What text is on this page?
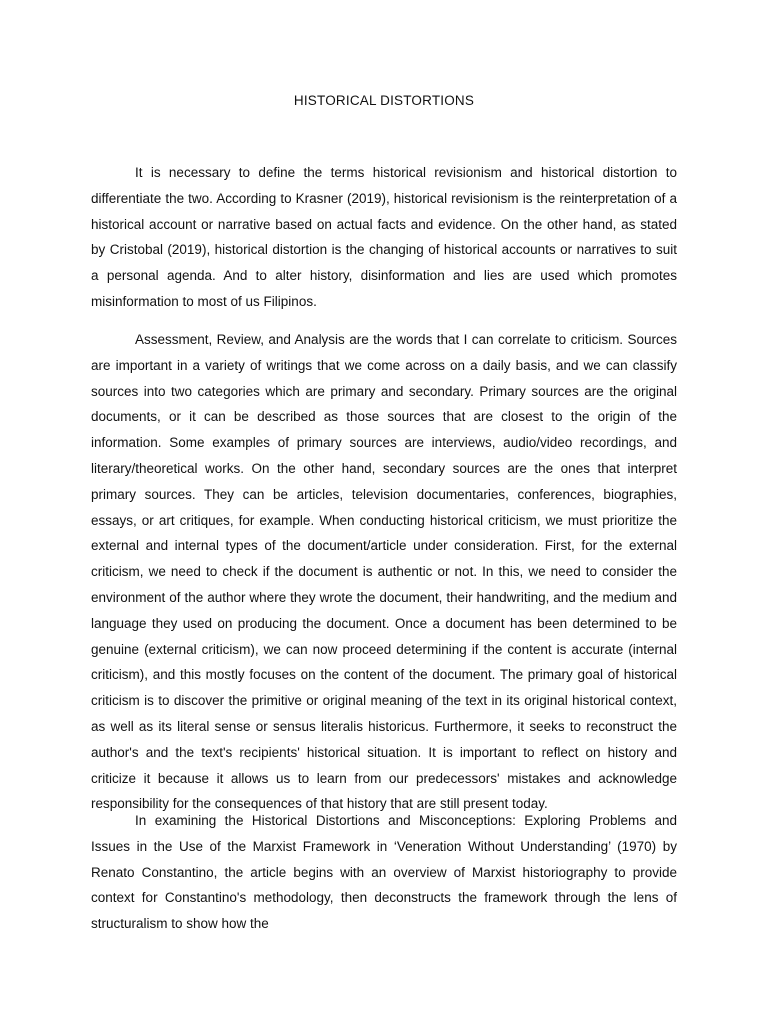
HISTORICAL DISTORTIONS

It is necessary to define the terms historical revisionism and historical distortion to differentiate the two. According to Krasner (2019), historical revisionism is the reinterpretation of a historical account or narrative based on actual facts and evidence. On the other hand, as stated by Cristobal (2019), historical distortion is the changing of historical accounts or narratives to suit a personal agenda. And to alter history, disinformation and lies are used which promotes misinformation to most of us Filipinos.

Assessment, Review, and Analysis are the words that I can correlate to criticism. Sources are important in a variety of writings that we come across on a daily basis, and we can classify sources into two categories which are primary and secondary. Primary sources are the original documents, or it can be described as those sources that are closest to the origin of the information. Some examples of primary sources are interviews, audio/video recordings, and literary/theoretical works. On the other hand, secondary sources are the ones that interpret primary sources. They can be articles, television documentaries, conferences, biographies, essays, or art critiques, for example. When conducting historical criticism, we must prioritize the external and internal types of the document/article under consideration. First, for the external criticism, we need to check if the document is authentic or not. In this, we need to consider the environment of the author where they wrote the document, their handwriting, and the medium and language they used on producing the document. Once a document has been determined to be genuine (external criticism), we can now proceed determining if the content is accurate (internal criticism), and this mostly focuses on the content of the document. The primary goal of historical criticism is to discover the primitive or original meaning of the text in its original historical context, as well as its literal sense or sensus literalis historicus. Furthermore, it seeks to reconstruct the author's and the text's recipients' historical situation. It is important to reflect on history and criticize it because it allows us to learn from our predecessors' mistakes and acknowledge responsibility for the consequences of that history that are still present today.

In examining the Historical Distortions and Misconceptions: Exploring Problems and Issues in the Use of the Marxist Framework in ‘Veneration Without Understanding’ (1970) by Renato Constantino, the article begins with an overview of Marxist historiography to provide context for Constantino's methodology, then deconstructs the framework through the lens of structuralism to show how the
